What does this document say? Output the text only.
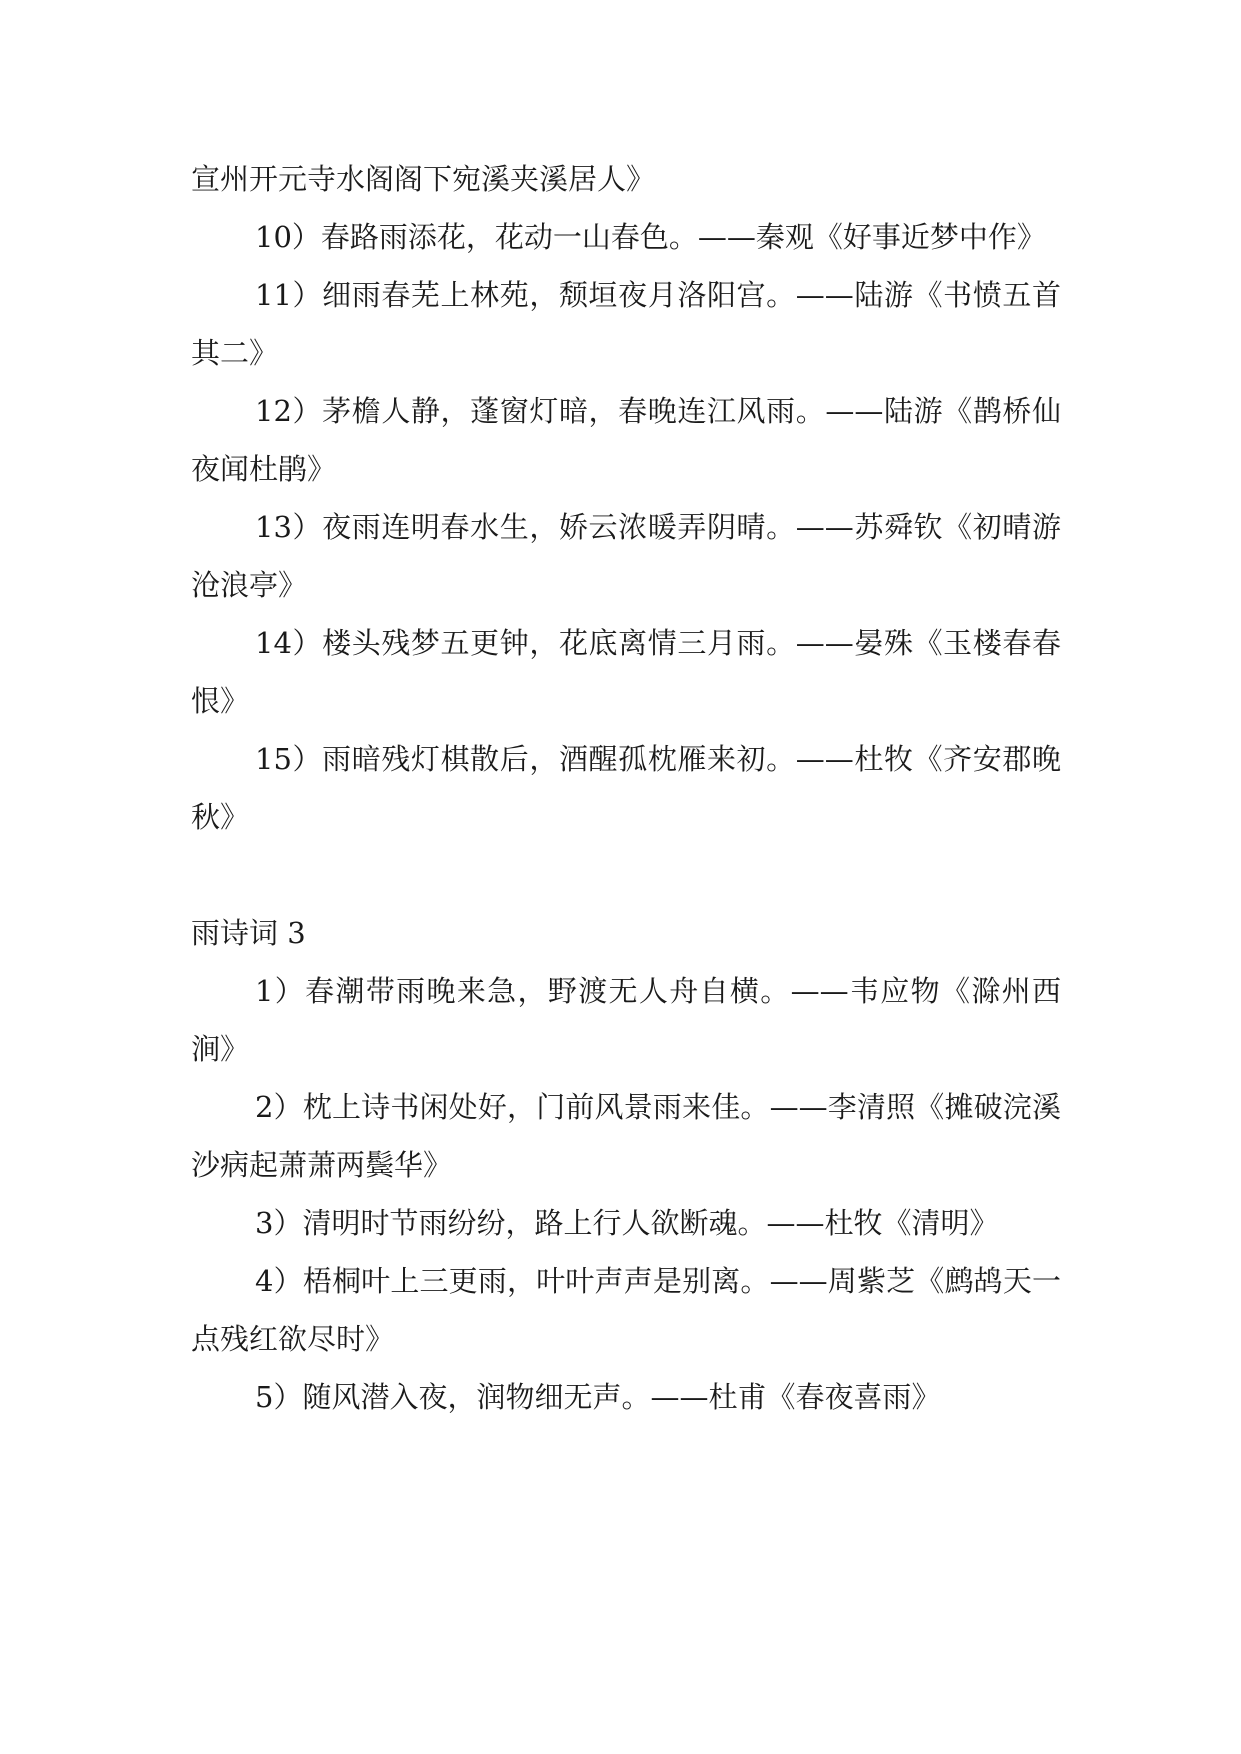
宣州开元寺水阁阁下宛溪夹溪居人》

10）春路雨添花，花动一山春色。——秦观《好事近梦中作》

11）细雨春芜上林苑，颓垣夜月洛阳宫。——陆游《书愤五首其二》

12）茅檐人静，蓬窗灯暗，春晚连江风雨。——陆游《鹊桥仙夜闻杜鹃》

13）夜雨连明春水生，娇云浓暖弄阴晴。——苏舜钦《初晴游沧浪亭》

14）楼头残梦五更钟，花底离情三月雨。——晏殊《玉楼春春恨》

15）雨暗残灯棋散后，酒醒孤枕雁来初。——杜牧《齐安郡晚秋》

雨诗词 3

1）春潮带雨晚来急，野渡无人舟自横。——韦应物《滁州西涧》

2）枕上诗书闲处好，门前风景雨来佳。——李清照《摊破浣溪沙病起萧萧两鬓华》

3）清明时节雨纷纷，路上行人欲断魂。——杜牧《清明》

4）梧桐叶上三更雨，叶叶声声是别离。——周紫芝《鹧鸪天一点残红欲尽时》

5）随风潜入夜，润物细无声。——杜甫《春夜喜雨》
